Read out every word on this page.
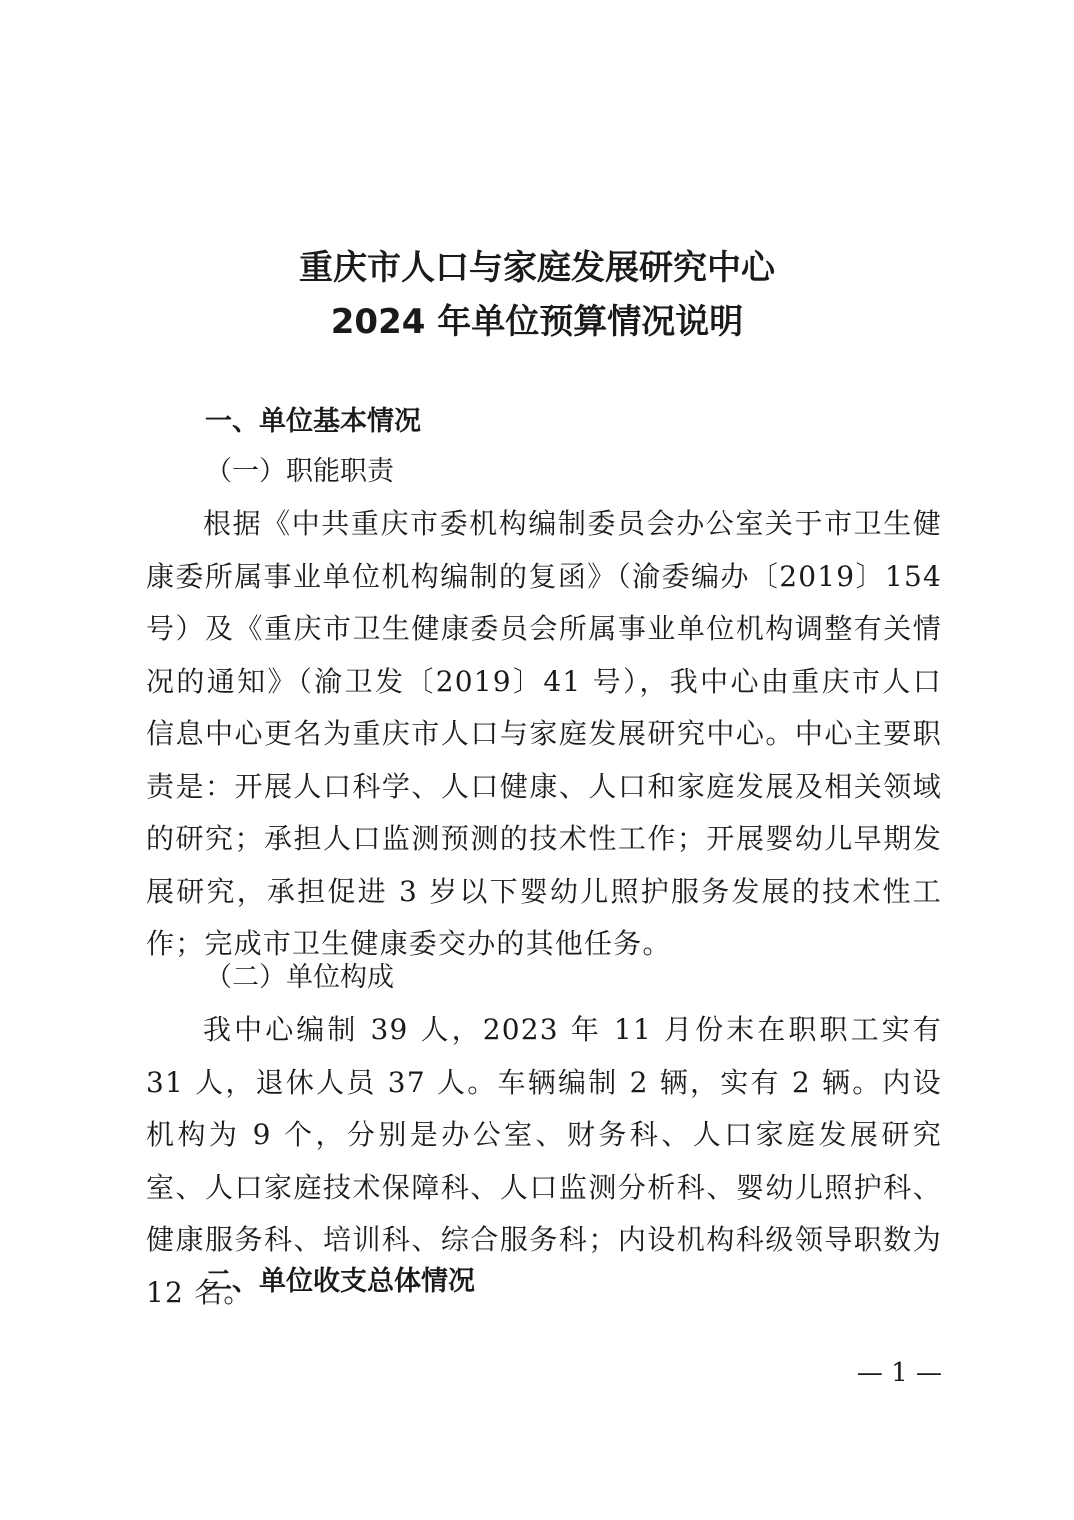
重庆市人口与家庭发展研究中心
2024 年单位预算情况说明
一、单位基本情况
（一）职能职责
根据《中共重庆市委机构编制委员会办公室关于市卫生健康委所属事业单位机构编制的复函》（渝委编办〔2019〕154 号）及《重庆市卫生健康委员会所属事业单位机构调整有关情况的通知》（渝卫发〔2019〕41 号），我中心由重庆市人口信息中心更名为重庆市人口与家庭发展研究中心。中心主要职责是：开展人口科学、人口健康、人口和家庭发展及相关领域的研究；承担人口监测预测的技术性工作；开展婴幼儿早期发展研究，承担促进 3 岁以下婴幼儿照护服务发展的技术性工作；完成市卫生健康委交办的其他任务。
（二）单位构成
我中心编制 39 人，2023 年 11 月份末在职职工实有 31 人，退休人员 37 人。车辆编制 2 辆，实有 2 辆。内设机构为 9 个，分别是办公室、财务科、人口家庭发展研究室、人口家庭技术保障科、人口监测分析科、婴幼儿照护科、健康服务科、培训科、综合服务科；内设机构科级领导职数为 12 名。
二、单位收支总体情况
— 1 —
